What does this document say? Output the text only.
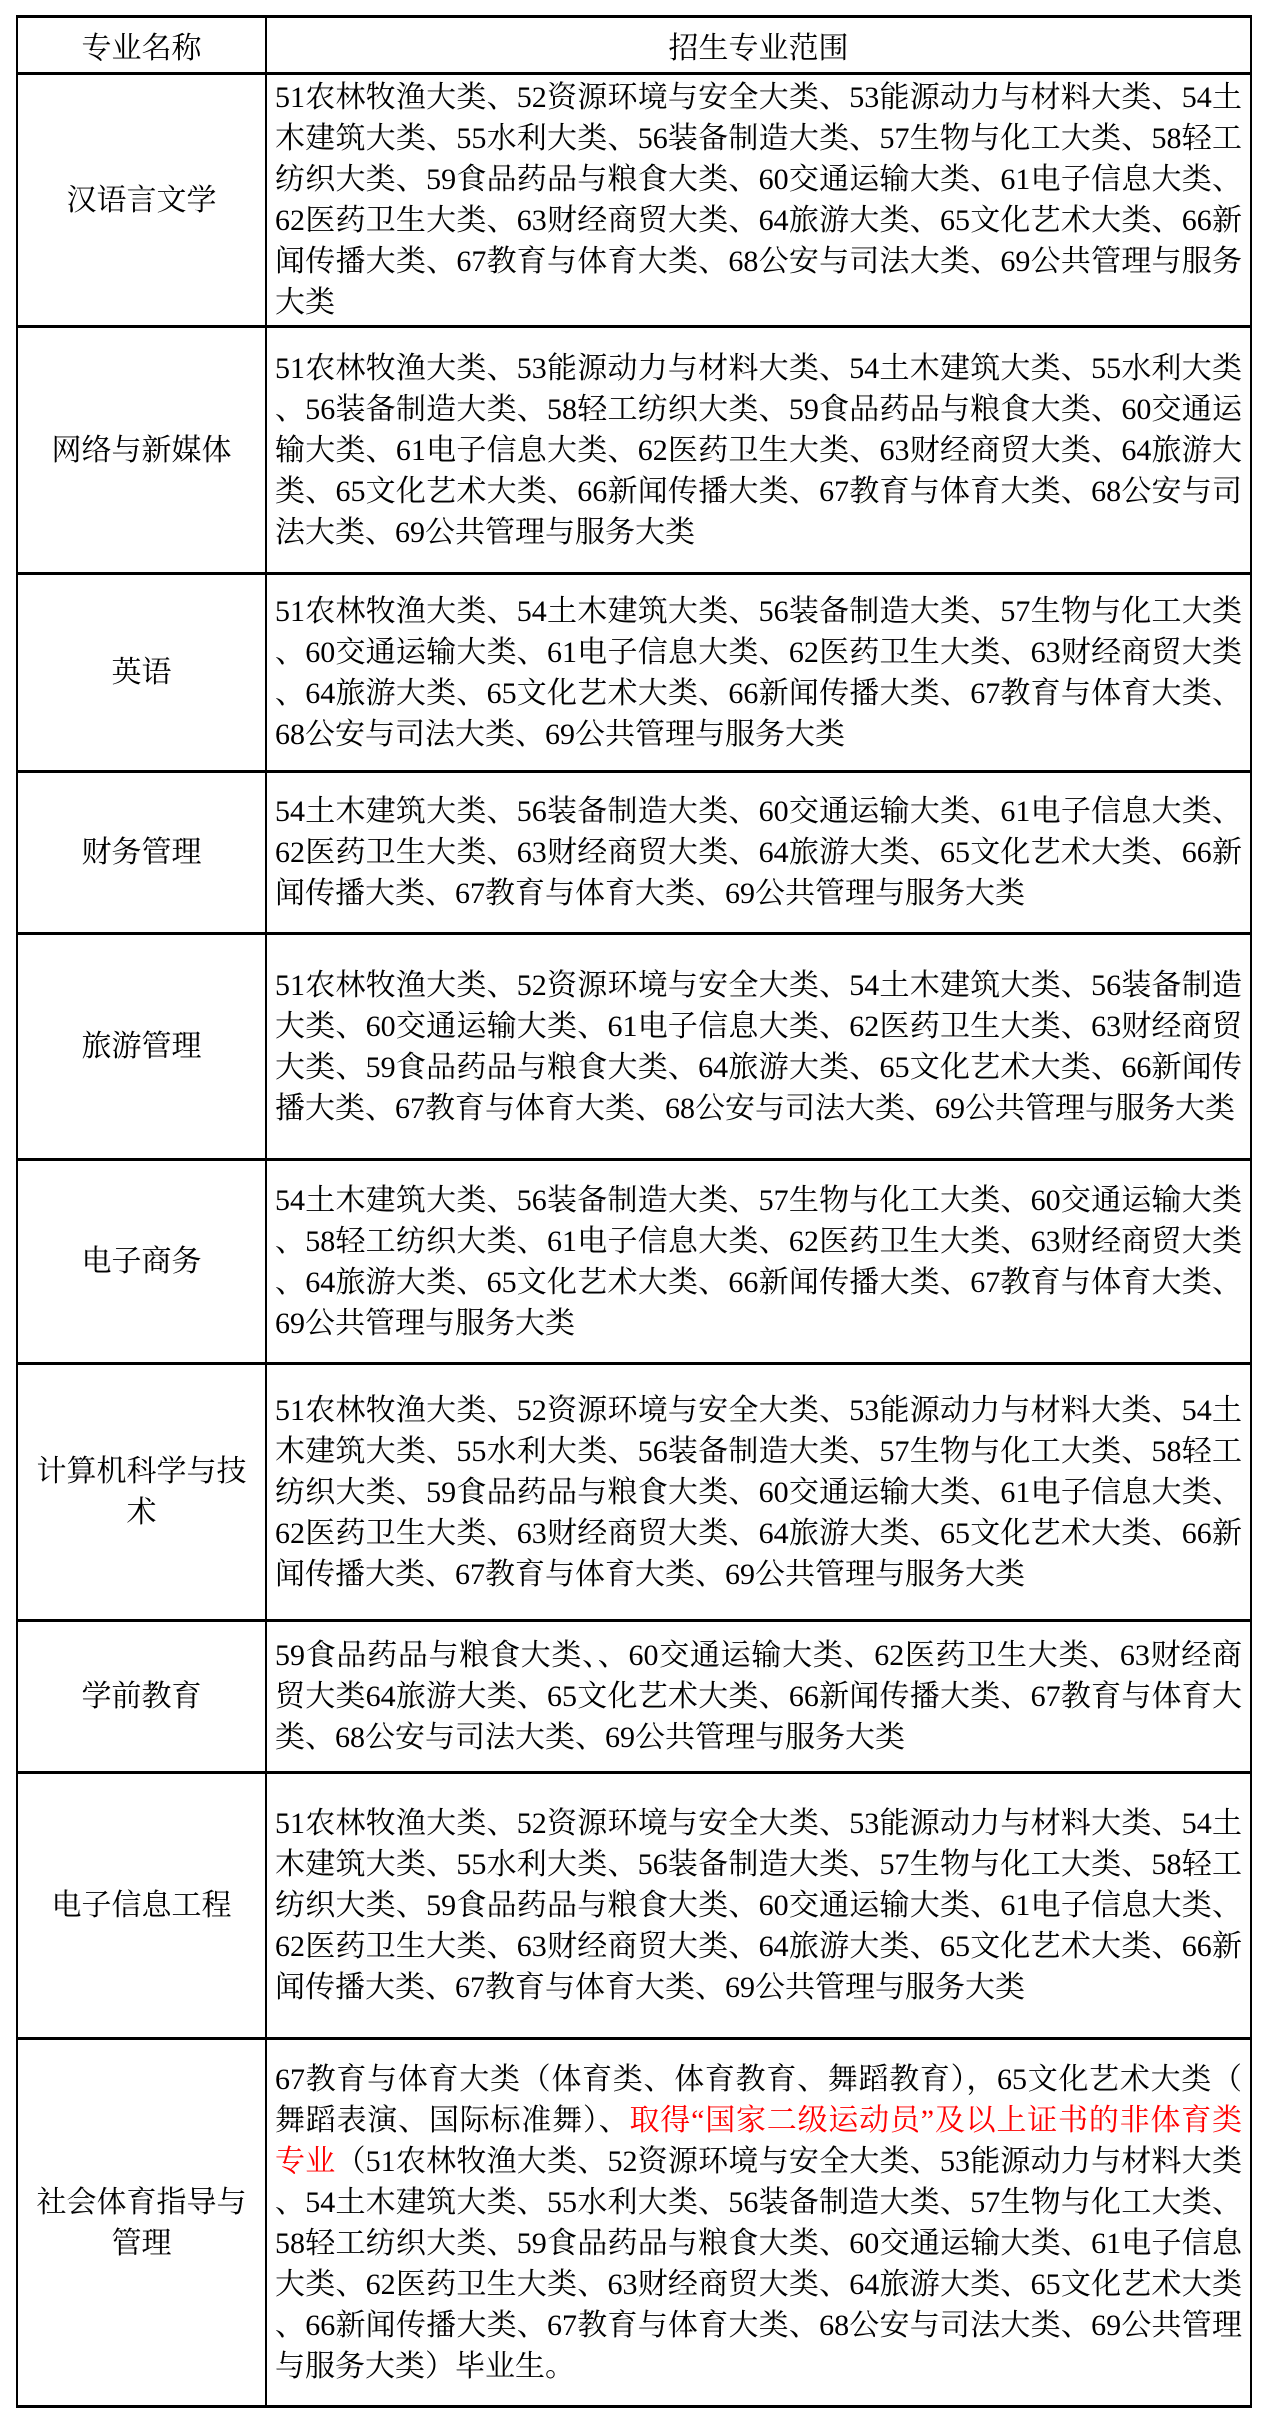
专业名称	招生专业范围
汉语言文学	51农林牧渔大类、52资源环境与安全大类、53能源动力与材料大类、54土木建筑大类、55水利大类、56装备制造大类、57生物与化工大类、58轻工纺织大类、59食品药品与粮食大类、60交通运输大类、61电子信息大类、62医药卫生大类、63财经商贸大类、64旅游大类、65文化艺术大类、66新闻传播大类、67教育与体育大类、68公安与司法大类、69公共管理与服务大类
网络与新媒体	51农林牧渔大类、53能源动力与材料大类、54土木建筑大类、55水利大类、56装备制造大类、58轻工纺织大类、59食品药品与粮食大类、60交通运输大类、61电子信息大类、62医药卫生大类、63财经商贸大类、64旅游大类、65文化艺术大类、66新闻传播大类、67教育与体育大类、68公安与司法大类、69公共管理与服务大类
英语	51农林牧渔大类、54土木建筑大类、56装备制造大类、57生物与化工大类、60交通运输大类、61电子信息大类、62医药卫生大类、63财经商贸大类、64旅游大类、65文化艺术大类、66新闻传播大类、67教育与体育大类、68公安与司法大类、69公共管理与服务大类
财务管理	54土木建筑大类、56装备制造大类、60交通运输大类、61电子信息大类、62医药卫生大类、63财经商贸大类、64旅游大类、65文化艺术大类、66新闻传播大类、67教育与体育大类、69公共管理与服务大类
旅游管理	51农林牧渔大类、52资源环境与安全大类、54土木建筑大类、56装备制造大类、60交通运输大类、61电子信息大类、62医药卫生大类、63财经商贸大类、59食品药品与粮食大类、64旅游大类、65文化艺术大类、66新闻传播大类、67教育与体育大类、68公安与司法大类、69公共管理与服务大类
电子商务	54土木建筑大类、56装备制造大类、57生物与化工大类、60交通运输大类、58轻工纺织大类、61电子信息大类、62医药卫生大类、63财经商贸大类、64旅游大类、65文化艺术大类、66新闻传播大类、67教育与体育大类、69公共管理与服务大类
计算机科学与技术	51农林牧渔大类、52资源环境与安全大类、53能源动力与材料大类、54土木建筑大类、55水利大类、56装备制造大类、57生物与化工大类、58轻工纺织大类、59食品药品与粮食大类、60交通运输大类、61电子信息大类、62医药卫生大类、63财经商贸大类、64旅游大类、65文化艺术大类、66新闻传播大类、67教育与体育大类、69公共管理与服务大类
学前教育	59食品药品与粮食大类、、60交通运输大类、62医药卫生大类、63财经商贸大类64旅游大类、65文化艺术大类、66新闻传播大类、67教育与体育大类、68公安与司法大类、69公共管理与服务大类
电子信息工程	51农林牧渔大类、52资源环境与安全大类、53能源动力与材料大类、54土木建筑大类、55水利大类、56装备制造大类、57生物与化工大类、58轻工纺织大类、59食品药品与粮食大类、60交通运输大类、61电子信息大类、62医药卫生大类、63财经商贸大类、64旅游大类、65文化艺术大类、66新闻传播大类、67教育与体育大类、69公共管理与服务大类
社会体育指导与管理	67教育与体育大类（体育类、体育教育、舞蹈教育），65文化艺术大类（舞蹈表演、国际标准舞）、取得“国家二级运动员”及以上证书的非体育类专业（51农林牧渔大类、52资源环境与安全大类、53能源动力与材料大类、54土木建筑大类、55水利大类、56装备制造大类、57生物与化工大类、58轻工纺织大类、59食品药品与粮食大类、60交通运输大类、61电子信息大类、62医药卫生大类、63财经商贸大类、64旅游大类、65文化艺术大类、66新闻传播大类、67教育与体育大类、68公安与司法大类、69公共管理与服务大类）毕业生。
